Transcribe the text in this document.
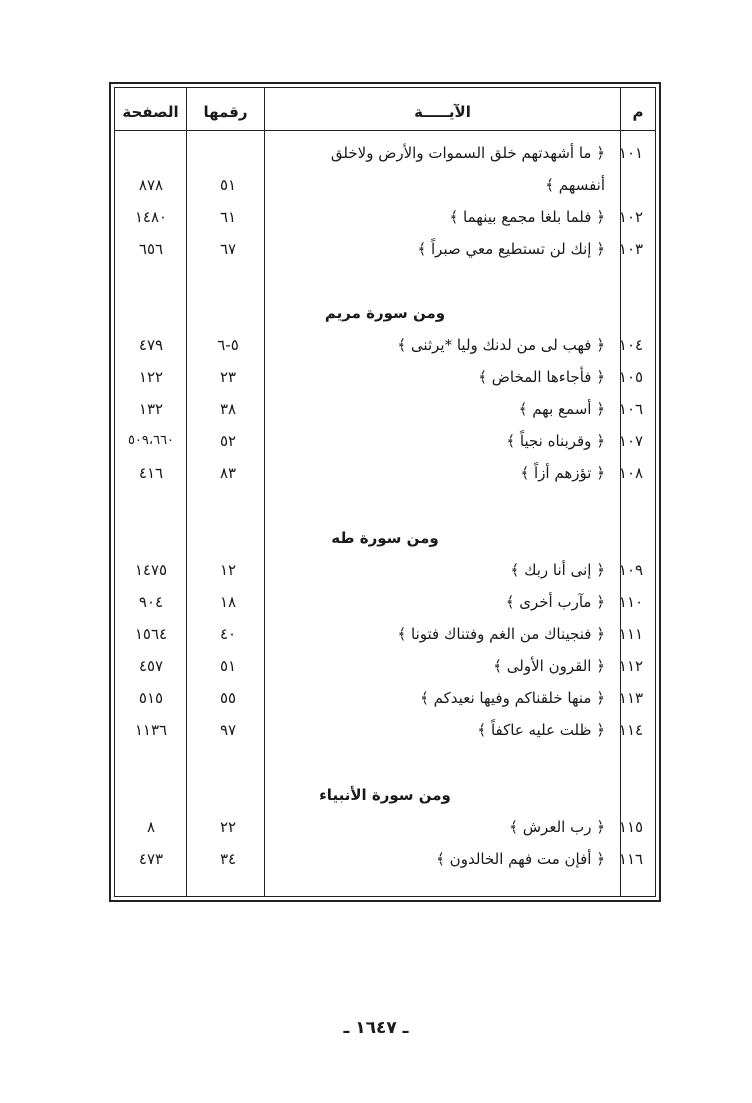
م
الآيـــــة
رقمها
الصفحة
١٠١
﴿ ما أشهدتهم خلق السموات والأرض ولاخلق
أنفسهم ﴾
٥١
٨٧٨
١٠٢
﴿ فلما بلغا مجمع بينهما ﴾
٦١
١٤٨٠
١٠٣
﴿ إنك لن تستطيع معي صبراً ﴾
٦٧
٦٥٦
ومن سورة مريم
١٠٤
﴿ فهب لى من لدنك وليا *يرثنى ﴾
٥-٦
٤٧٩
١٠٥
﴿ فأجاءها المخاض ﴾
٢٣
١٢٢
١٠٦
﴿ أسمع بهم ﴾
٣٨
١٣٢
١٠٧
﴿ وقربناه نجياً ﴾
٥٢
٥٠٩،٦٦٠
١٠٨
﴿ تؤزهم أزاً ﴾
٨٣
٤١٦
ومن سورة طه
١٠٩
﴿ إنى أنا ربك ﴾
١٢
١٤٧٥
١١٠
﴿ مآرب أخرى ﴾
١٨
٩٠٤
١١١
﴿ فنجيناك من الغم وفتناك فتونا ﴾
٤٠
١٥٦٤
١١٢
﴿ القرون الأولى ﴾
٥١
٤٥٧
١١٣
﴿ منها خلقناكم وفيها نعيدكم ﴾
٥٥
٥١٥
١١٤
﴿ ظلت عليه عاكفاً ﴾
٩٧
١١٣٦
ومن سورة الأنبياء
١١٥
﴿ رب العرش ﴾
٢٢
٨
١١٦
﴿ أفإن مت فهم الخالدون ﴾
٣٤
٤٧٣
ـ ١٦٤٧ ـ
